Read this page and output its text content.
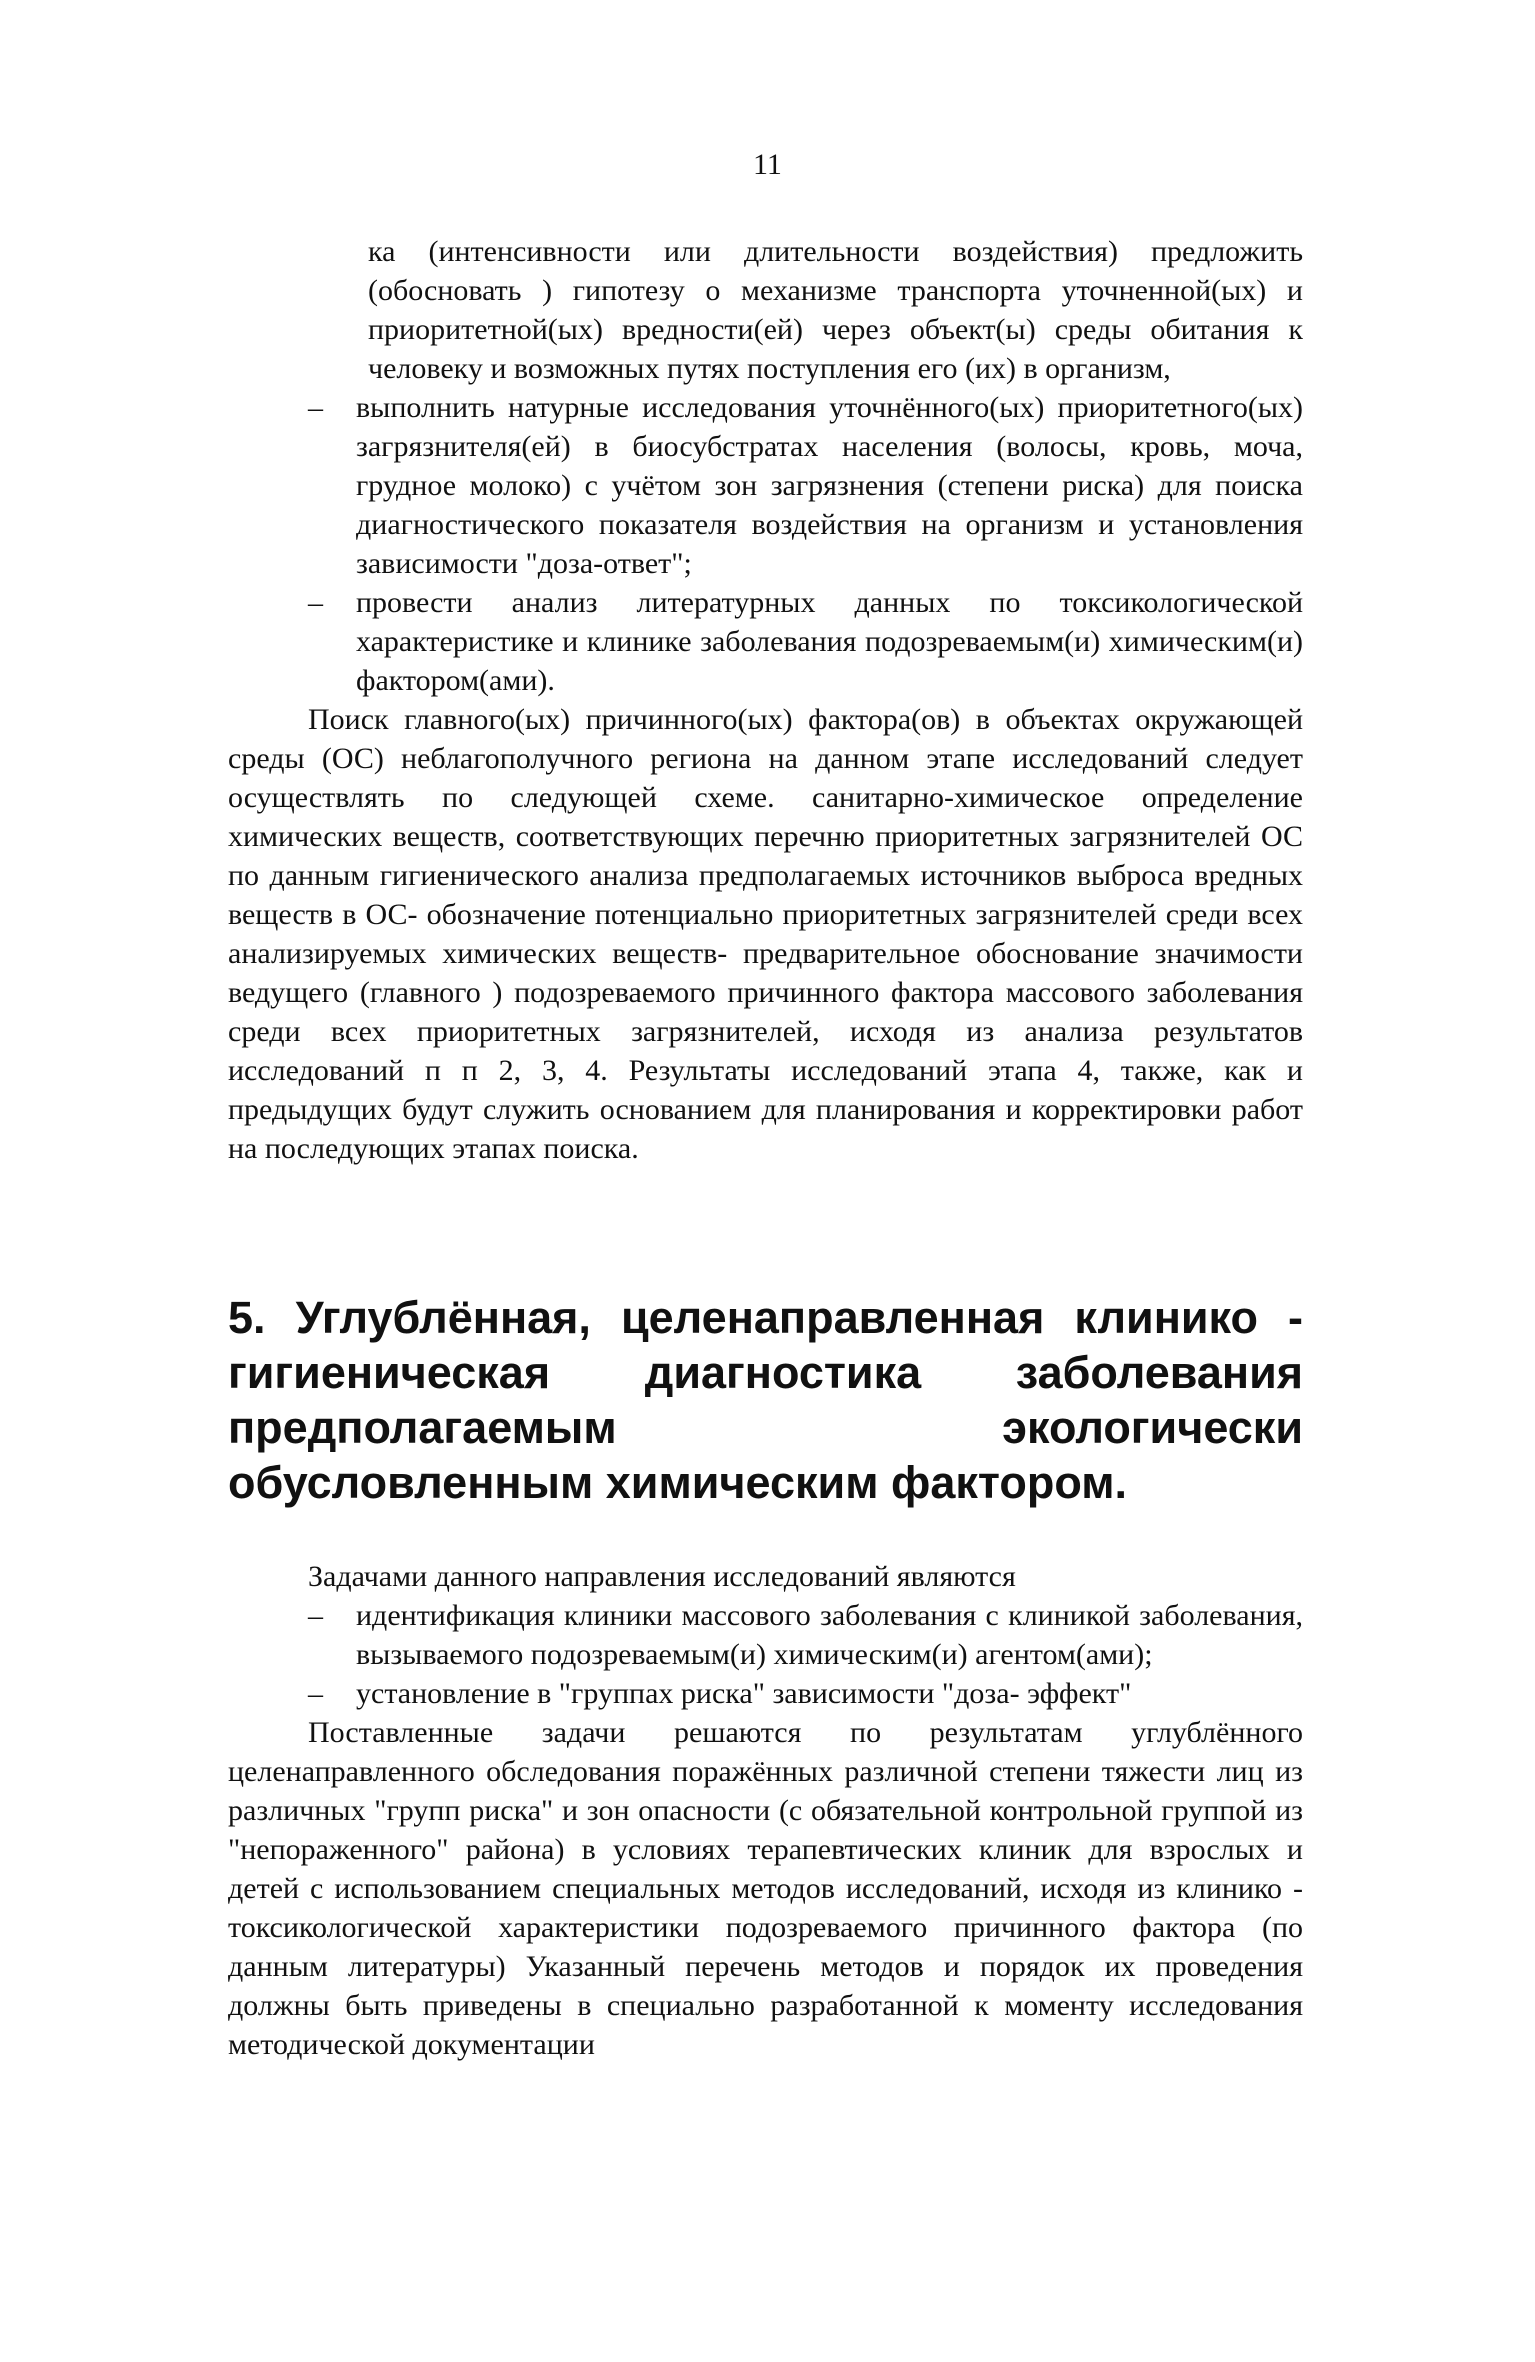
11

ка (интенсивности или длительности воздействия) предложить (обосновать ) гипотезу о механизме транспорта уточненной(ых) и приоритетной(ых) вредности(ей) через объект(ы) среды обитания к человеку и возможных путях поступления его (их) в организм,

– выполнить натурные исследования уточнённого(ых) приоритетного(ых) загрязнителя(ей) в биосубстратах населения (волосы, кровь, моча, грудное молоко) с учётом зон загрязнения (степени риска) для поиска диагностического показателя воздействия на организм и установления зависимости "доза-ответ";

– провести анализ литературных данных по токсикологической характеристике и клинике заболевания подозреваемым(и) химическим(и) фактором(ами).

Поиск главного(ых) причинного(ых) фактора(ов) в объектах окружающей среды (ОС) неблагополучного региона на данном этапе исследований следует осуществлять по следующей схеме. санитарно-химическое определение химических веществ, соответствующих перечню приоритетных загрязнителей ОС по данным гигиенического анализа предполагаемых источников выброса вредных веществ в ОС- обозначение потенциально приоритетных загрязнителей среди всех анализируемых химических веществ- предварительное обоснование значимости ведущего (главного ) подозреваемого причинного фактора массового заболевания среди всех приоритетных загрязнителей, исходя из анализа результатов исследований п п 2, 3, 4. Результаты исследований этапа 4, также, как и предыдущих будут служить основанием для планирования и корректировки работ на последующих этапах поиска.

5. Углублённая, целенаправленная клинико - гигиеническая диагностика заболевания предполагаемым экологически обусловленным химическим фактором.

Задачами данного направления исследований являются

– идентификация клиники массового заболевания с клиникой заболевания, вызываемого подозреваемым(и) химическим(и) агентом(ами);

– установление в "группах риска" зависимости "доза- эффект"

Поставленные задачи решаются по результатам углублённого целенаправленного обследования поражённых различной степени тяжести лиц из различных "групп риска" и зон опасности (с обязательной контрольной группой из "непораженного" района) в условиях терапевтических клиник для взрослых и детей с использованием специальных методов исследований, исходя из клинико - токсикологической характеристики подозреваемого причинного фактора (по данным литературы) Указанный перечень методов и порядок их проведения должны быть приведены в специально разработанной к моменту исследования методической документации
